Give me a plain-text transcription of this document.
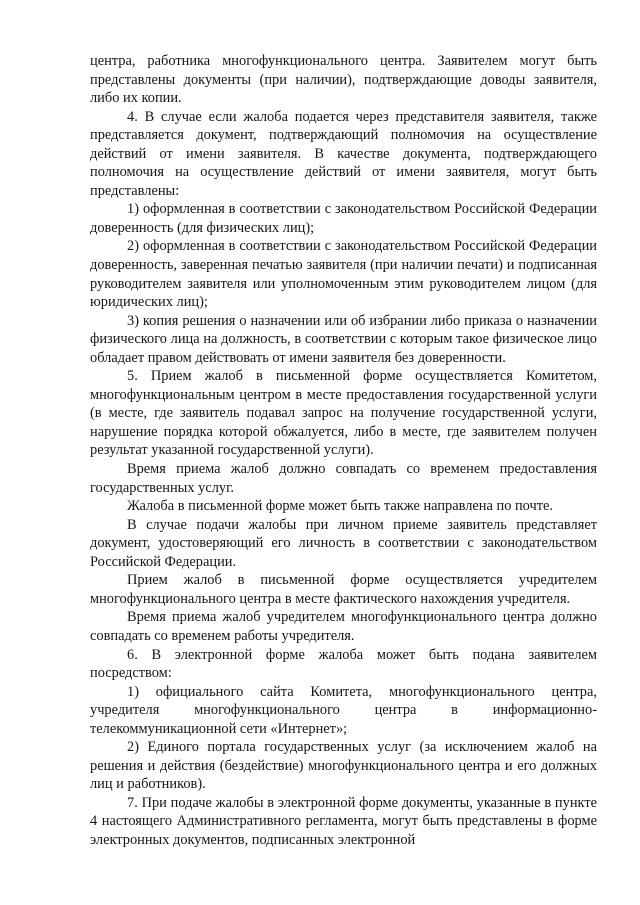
центра, работника многофункционального центра. Заявителем могут быть представлены документы (при наличии), подтверждающие доводы заявителя, либо их копии.

4. В случае если жалоба подается через представителя заявителя, также представляется документ, подтверждающий полномочия на осуществление действий от имени заявителя. В качестве документа, подтверждающего полномочия на осуществление действий от имени заявителя, могут быть представлены:

1) оформленная в соответствии с законодательством Российской Федерации доверенность (для физических лиц);

2) оформленная в соответствии с законодательством Российской Федерации доверенность, заверенная печатью заявителя (при наличии печати) и подписанная руководителем заявителя или уполномоченным этим руководителем лицом (для юридических лиц);

3) копия решения о назначении или об избрании либо приказа о назначении физического лица на должность, в соответствии с которым такое физическое лицо обладает правом действовать от имени заявителя без доверенности.

5. Прием жалоб в письменной форме осуществляется Комитетом, многофункциональным центром в месте предоставления государственной услуги (в месте, где заявитель подавал запрос на получение государственной услуги, нарушение порядка которой обжалуется, либо в месте, где заявителем получен результат указанной государственной услуги).

Время приема жалоб должно совпадать со временем предоставления государственных услуг.

Жалоба в письменной форме может быть также направлена по почте.

В случае подачи жалобы при личном приеме заявитель представляет документ, удостоверяющий его личность в соответствии с законодательством Российской Федерации.

Прием жалоб в письменной форме осуществляется учредителем многофункционального центра в месте фактического нахождения учредителя.

Время приема жалоб учредителем многофункционального центра должно совпадать со временем работы учредителя.

6. В электронной форме жалоба может быть подана заявителем посредством:

1) официального сайта Комитета, многофункционального центра, учредителя многофункционального центра в информационно-телекоммуникационной сети «Интернет»;

2) Единого портала государственных услуг (за исключением жалоб на решения и действия (бездействие) многофункционального центра и его должных лиц и работников).

7. При подаче жалобы в электронной форме документы, указанные в пункте 4 настоящего Административного регламента, могут быть представлены в форме электронных документов, подписанных электронной
